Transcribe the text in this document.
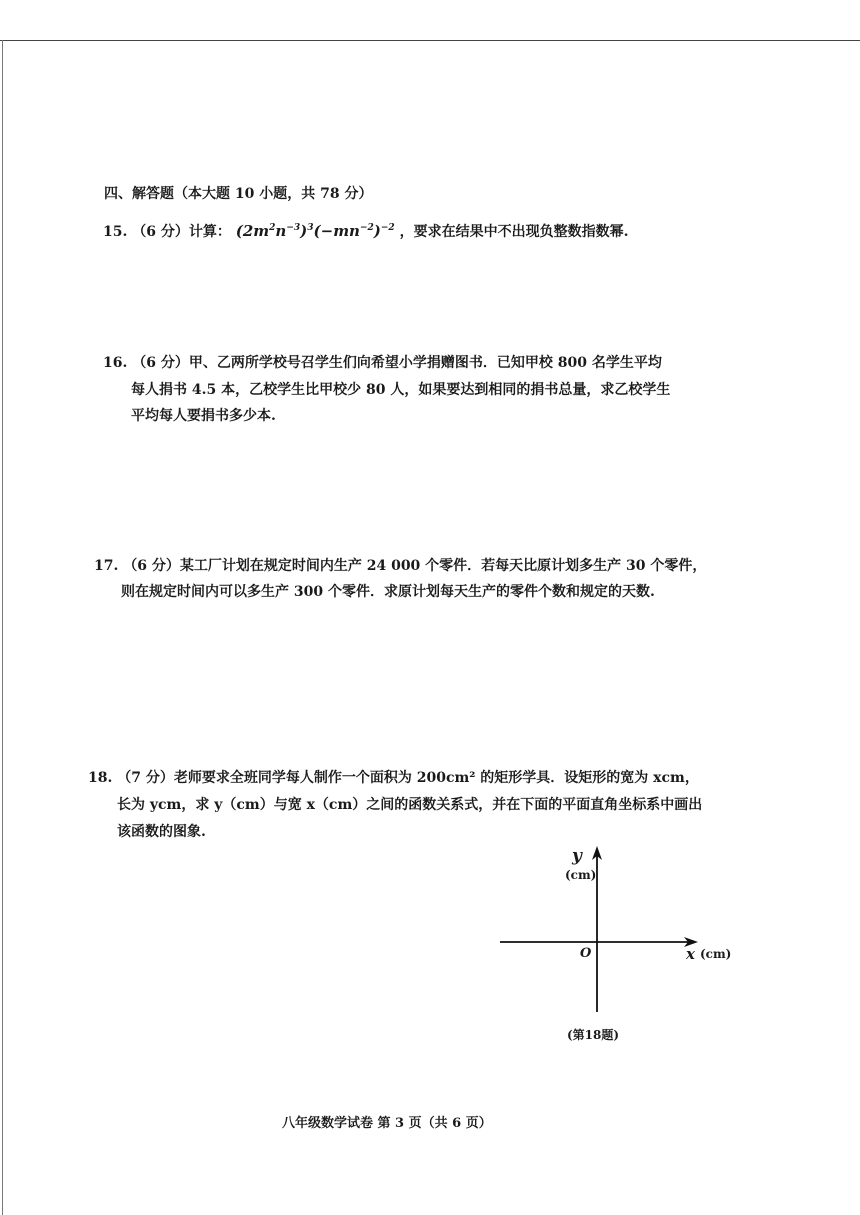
四、解答题（本大题 10 小题，共 78 分）
15. （6 分）计算： $(2m^2n^{-3})^3(-mn^{-2})^{-2}$ ，要求在结果中不出现负整数指数幂.
16. （6 分）甲、乙两所学校号召学生们向希望小学捐赠图书．已知甲校 800 名学生平均
每人捐书 4.5 本，乙校学生比甲校少 80 人，如果要达到相同的捐书总量，求乙校学生
平均每人要捐书多少本.
17. （6 分）某工厂计划在规定时间内生产 24 000 个零件．若每天比原计划多生产 30 个零件，
则在规定时间内可以多生产 300 个零件．求原计划每天生产的零件个数和规定的天数.
18. （7 分）老师要求全班同学每人制作一个面积为 200cm² 的矩形学具．设矩形的宽为 xcm，
长为 ycm，求 y（cm）与宽 x（cm）之间的函数关系式，并在下面的平面直角坐标系中画出
该函数的图象.
y
(cm)
O	x (cm)
(第18题)
八年级数学试卷 第 3 页（共 6 页）
